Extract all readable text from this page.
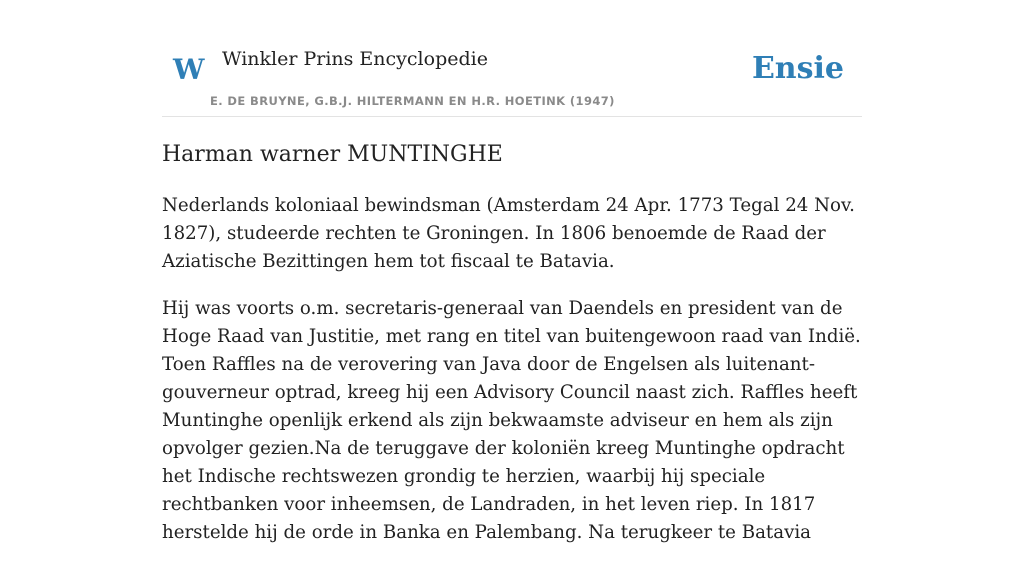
W Winkler Prins Encyclopedie
E. DE BRUYNE, G.B.J. HILTERMANN EN H.R. HOETINK (1947)
Ensie
Harman warner MUNTINGHE

Nederlands koloniaal bewindsman (Amsterdam 24 Apr. 1773 Tegal 24 Nov. 1827), studeerde rechten te Groningen. In 1806 benoemde de Raad der Aziatische Bezittingen hem tot fiscaal te Batavia.

Hij was voorts o.m. secretaris-generaal van Daendels en president van de Hoge Raad van Justitie, met rang en titel van buitengewoon raad van Indië. Toen Raffles na de verovering van Java door de Engelsen als luitenant-gouverneur optrad, kreeg hij een Advisory Council naast zich. Raffles heeft Muntinghe openlijk erkend als zijn bekwaamste adviseur en hem als zijn opvolger gezien.Na de teruggave der koloniën kreeg Muntinghe opdracht het Indische rechtswezen grondig te herzien, waarbij hij speciale rechtbanken voor inheemsen, de Landraden, in het leven riep. In 1817 herstelde hij de orde in Banka en Palembang. Na terugkeer te Batavia
